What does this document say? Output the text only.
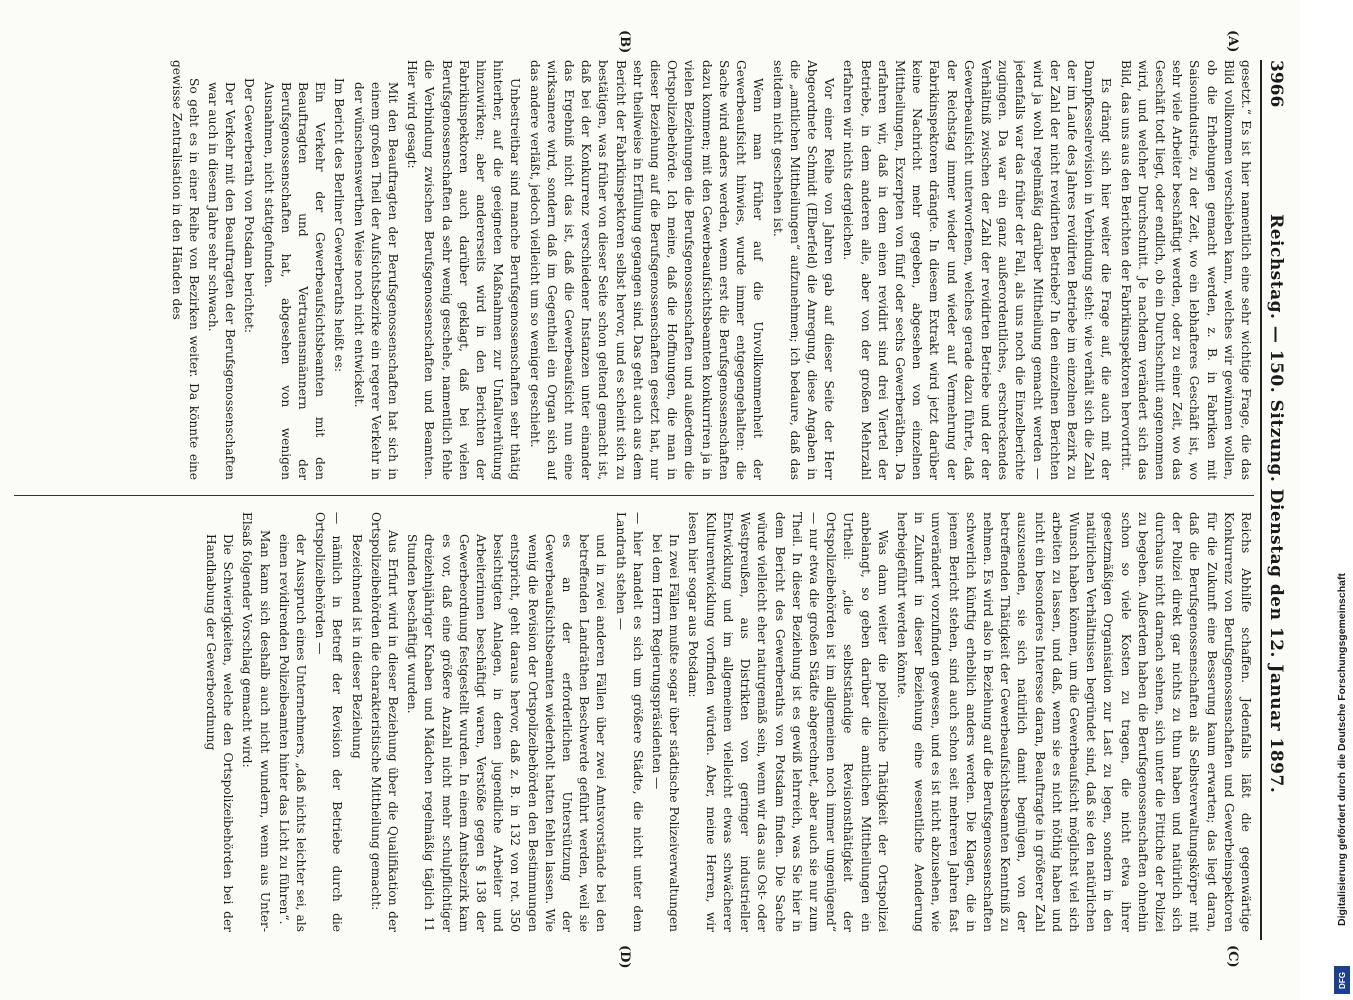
3966
Reichstag. — 150. Sitzung. Dienstag den 12. Januar 1897.
(A)
(B)
(C)
(D)

gesetzt.“ Es ist hier namentlich eine sehr wichtige Frage, die das Bild vollkommen verschieben kann, welches wir gewinnen wollen, ob die Erhebungen gemacht werden, z. B. in Fabriken mit Saisonindustrie, zu der Zeit, wo ein lebhafteres Geschäft ist, wo sehr viele Arbeiter beschäftigt werden, oder zu einer Zeit, wo das Geschäft todt liegt, oder endlich, ob ein Durchschnitt angenommen wird, und welcher Durchschnitt. Je nachdem verändert sich das Bild, das uns aus den Berichten der Fabrikinspektoren hervortritt.

Es drängt sich hier weiter die Frage auf, die auch mit der Dampfkesselrevision in Verbindung steht: wie verhält sich die Zahl der im Laufe des Jahres revidirten Betriebe im einzelnen Bezirk zu der Zahl der nicht revidirten Betriebe? In den einzelnen Berichten wird ja wohl regelmäßig darüber Mittheilung gemacht werden — jedenfalls war das früher der Fall, als uns noch die Einzelberichte zugingen. Da war ein ganz außerordentliches, erschreckendes Verhältniß zwischen der Zahl der revidirten Betriebe und der der Gewerbeaufsicht unterworfenen, welches gerade dazu führte, daß der Reichstag immer wieder und wieder auf Vermehrung der Fabrikinspektoren drängte. In diesem Extrakt wird jetzt darüber keine Nachricht mehr gegeben, abgesehen von einzelnen Mittheilungen, Exzerpten von fünf oder sechs Gewerberäthen. Da erfahren wir, daß in dem einen revidirt sind drei Viertel der Betriebe, in dem anderen alle, aber von der großen Mehrzahl erfahren wir nichts dergleichen.

Vor einer Reihe von Jahren gab auf dieser Seite der Herr Abgeordnete Schmidt (Elberfeld) die Anregung, diese Angaben in die „amtlichen Mittheilungen“ aufzunehmen; ich bedaure, daß das seitdem nicht geschehen ist.

Wenn man früher auf die Unvollkommenheit der Gewerbeaufsicht hinwies, wurde immer entgegengehalten: die Sache wird anders werden, wenn erst die Berufsgenossenschaften dazu kommen; mit den Gewerbeaufsichtsbeamten konkurriren ja in vielen Beziehungen die Berufsgenossenschaften und außerdem die Ortspolizeibehörde. Ich meine, daß die Hoffnungen, die man in dieser Beziehung auf die Berufsgenossenschaften gesetzt hat, nur sehr theilweise in Erfüllung gegangen sind. Das geht auch aus dem Bericht der Fabrikinspektoren selbst hervor, und es scheint sich zu bestätigen, was früher von dieser Seite schon geltend gemacht ist, daß bei der Konkurrenz verschiedener Instanzen unter einander das Ergebniß nicht das ist, daß die Gewerbeaufsicht nun eine wirksamere wird, sondern daß im Gegentheil ein Organ sich auf das andere verläßt, jedoch vielleicht um so weniger geschieht.

Unbestreitbar sind manche Berufsgenossenschaften sehr thätig hinterher, auf die geeigneten Maßnahmen zur Unfallverhütung hinzuwirken; aber andererseits wird in den Berichten der Fabrikinspektoren auch darüber geklagt, daß bei vielen Berufsgenossenschaften da sehr wenig geschehe, namentlich fehle die Verbindung zwischen Berufsgenossenschaften und Beamten. Hier wird gesagt:

Mit den Beauftragten der Berufsgenossenschaften hat sich in einem großen Theil der Aufsichtsbezirke ein regerer Verkehr in der wünschenswerthen Weise noch nicht entwickelt.

Im Bericht des Berliner Gewerberaths heißt es:

Ein Verkehr der Gewerbeaufsichtsbeamten mit den Beauftragten und Vertrauensmännern der Berufsgenossenschaften hat, abgesehen von wenigen Ausnahmen, nicht stattgefunden.

Der Gewerberath von Potsdam berichtet:

Der Verkehr mit den Beauftragten der Berufsgenossenschaften war auch in diesem Jahre sehr schwach.

So geht es in einer Reihe von Bezirken weiter. Da könnte eine gewisse Zentralisation in den Händen des

Reichs Abhilfe schaffen. Jedenfalls läßt die gegenwärtige Konkurrenz von Berufsgenossenschaften und Gewerbeinspektoren für die Zukunft eine Besserung kaum erwarten; das liegt daran, daß die Berufsgenossenschaften als Selbstverwaltungskörper mit der Polizei direkt gar nichts zu thun haben und natürlich sich durchaus nicht darnach sehnen, sich unter die Fittiche der Polizei zu begeben. Außerdem haben die Berufsgenossenschaften ohnehin schon so viele Kosten zu tragen, die nicht etwa ihrer gesetzmäßigen Organisation zur Last zu legen, sondern in den natürlichen Verhältnissen begründet sind, daß sie den natürlichen Wunsch haben können, um die Gewerbeaufsicht möglichst viel sich arbeiten zu lassen, und daß, wenn sie es nicht nöthig haben und nicht ein besonderes Interesse daran, Beauftragte in größerer Zahl auszusenden, sie sich natürlich damit begnügen, von der betreffenden Thätigkeit der Gewerbeaufsichtsbeamten Kenntniß zu nehmen. Es wird also in Beziehung auf die Berufsgenossenschaften schwerlich künftig erheblich anders werden. Die Klagen, die in jenem Bericht stehen, sind auch schon seit mehreren Jahren fast unverändert vorzufinden gewesen, und es ist nicht abzusehen, wie in Zukunft in dieser Beziehung eine wesentliche Aenderung herbeigeführt werden könnte.

Was dann weiter die polizeiliche Thätigkeit der Ortspolizei anbelangt, so geben darüber die amtlichen Mittheilungen ein Urtheil: „die selbstständige Revisionsthätigkeit der Ortspolizeibehörden ist im allgemeinen noch immer ungenügend“ — nur etwa die großen Städte abgerechnet, aber auch sie nur zum Theil. In dieser Beziehung ist es gewiß lehrreich, was Sie hier in dem Bericht des Gewerberaths von Potsdam finden. Die Sache würde vielleicht eher naturgemäß sein, wenn wir das aus Ost- oder Westpreußen, aus Distrikten von geringer industrieller Entwicklung und im allgemeinen vielleicht etwas schwächerer Kulturentwicklung vorfinden würden. Aber, meine Herren, wir lesen hier sogar aus Potsdam:

In zwei Fällen mußte sogar über städtische Polizeiverwaltungen bei dem Herrn Regierungspräsidenten —

— hier handelt es sich um größere Städte, die nicht unter dem Landrath stehen —

und in zwei anderen Fällen über zwei Amtsvorstände bei den betreffenden Landräthen Beschwerde geführt werden, weil sie es an der erforderlichen Unterstützung der Gewerbeaufsichtsbeamten wiederholt hatten fehlen lassen. Wie wenig die Revision der Ortspolizeibehörden den Bestimmungen entspricht, geht daraus hervor, daß z. B. in 132 von rot. 350 besichtigten Anlagen, in denen jugendliche Arbeiter und Arbeiterinnen beschäftigt waren, Verstöße gegen § 138 der Gewerbeordnung festgestellt wurden. In einem Amtsbezirk kam es vor, daß eine größere Anzahl nicht mehr schulpflichtiger dreizehnjähriger Knaben und Mädchen regelmäßig täglich 11 Stunden beschäftigt wurden.

Aus Erfurt wird in dieser Beziehung über die Qualifikation der Ortspolizeibehörden die charakteristische Mittheilung gemacht:

Bezeichnend ist in dieser Beziehung

— nämlich in Betreff der Revision der Betriebe durch die Ortspolizeibehörden —

der Ausspruch eines Unternehmers, „daß nichts leichter sei, als einen revidirenden Polizeibeamten hinter das Licht zu führen“.

Man kann sich deshalb auch nicht wundern, wenn aus Unter-Elsaß folgender Vorschlag gemacht wird:

Die Schwierigkeiten, welche den Ortspolizeibehörden bei der Handhabung der Gewerbeordnung	Digitalisierung gefördert durch die Deutsche Forschungsgemeinschaft
DFG
